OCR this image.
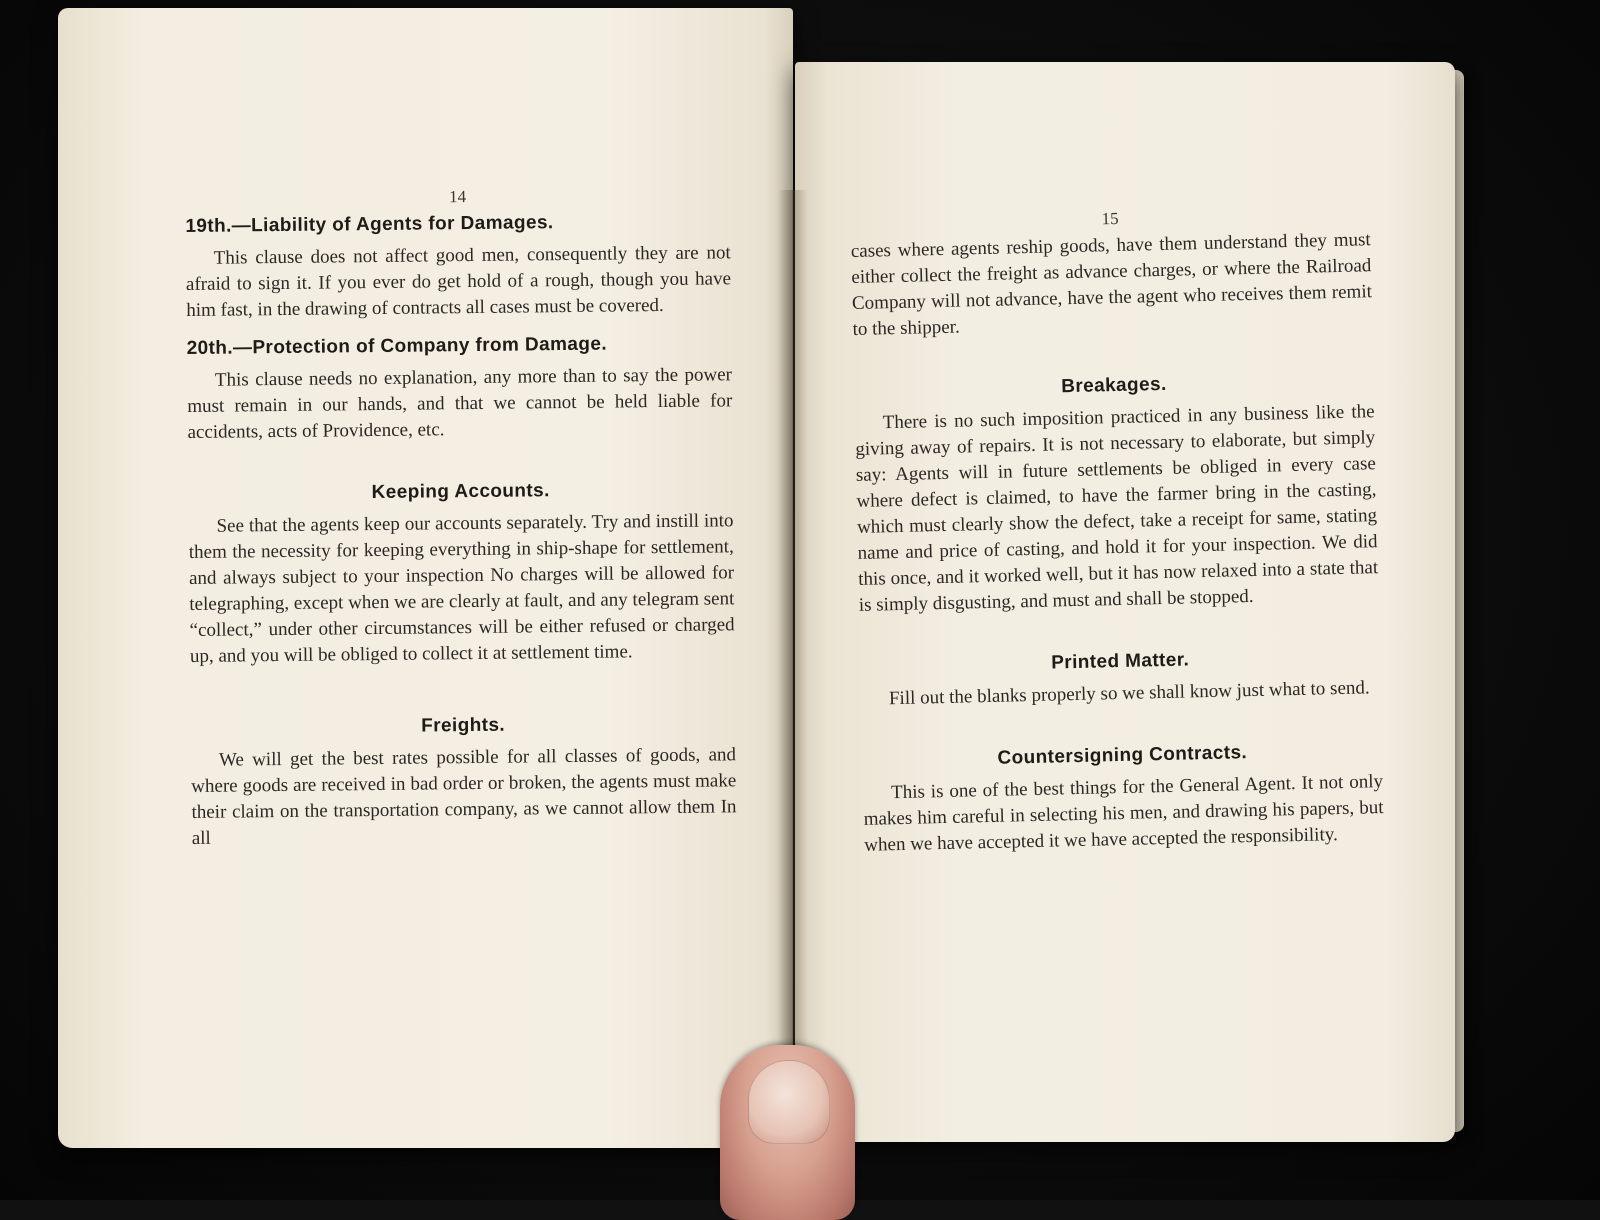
14
19th.—Liability of Agents for Damages.

This clause does not affect good men, consequently they are not afraid to sign it. If you ever do get hold of a rough, though you have him fast, in the drawing of contracts all cases must be covered.

20th.—Protection of Company from Damage.

This clause needs no explanation, any more than to say the power must remain in our hands, and that we cannot be held liable for accidents, acts of Providence, etc.

Keeping Accounts.

See that the agents keep our accounts separately. Try and instill into them the necessity for keeping everything in ship-shape for settlement, and always subject to your inspection No charges will be allowed for telegraphing, except when we are clearly at fault, and any telegram sent “collect,” under other circumstances will be either refused or charged up, and you will be obliged to collect it at settlement time.

Freights.

We will get the best rates possible for all classes of goods, and where goods are received in bad order or broken, the agents must make their claim on the transportation company, as we cannot allow them In all

15

cases where agents reship goods, have them understand they must either collect the freight as advance charges, or where the Railroad Company will not advance, have the agent who receives them remit to the shipper.

Breakages.

There is no such imposition practiced in any business like the giving away of repairs. It is not necessary to elaborate, but simply say: Agents will in future settlements be obliged in every case where defect is claimed, to have the farmer bring in the casting, which must clearly show the defect, take a receipt for same, stating name and price of casting, and hold it for your inspection. We did this once, and it worked well, but it has now relaxed into a state that is simply disgusting, and must and shall be stopped.

Printed Matter.

Fill out the blanks properly so we shall know just what to send.

Countersigning Contracts.

This is one of the best things for the General Agent. It not only makes him careful in selecting his men, and drawing his papers, but when we have accepted it we have accepted the responsibility.
